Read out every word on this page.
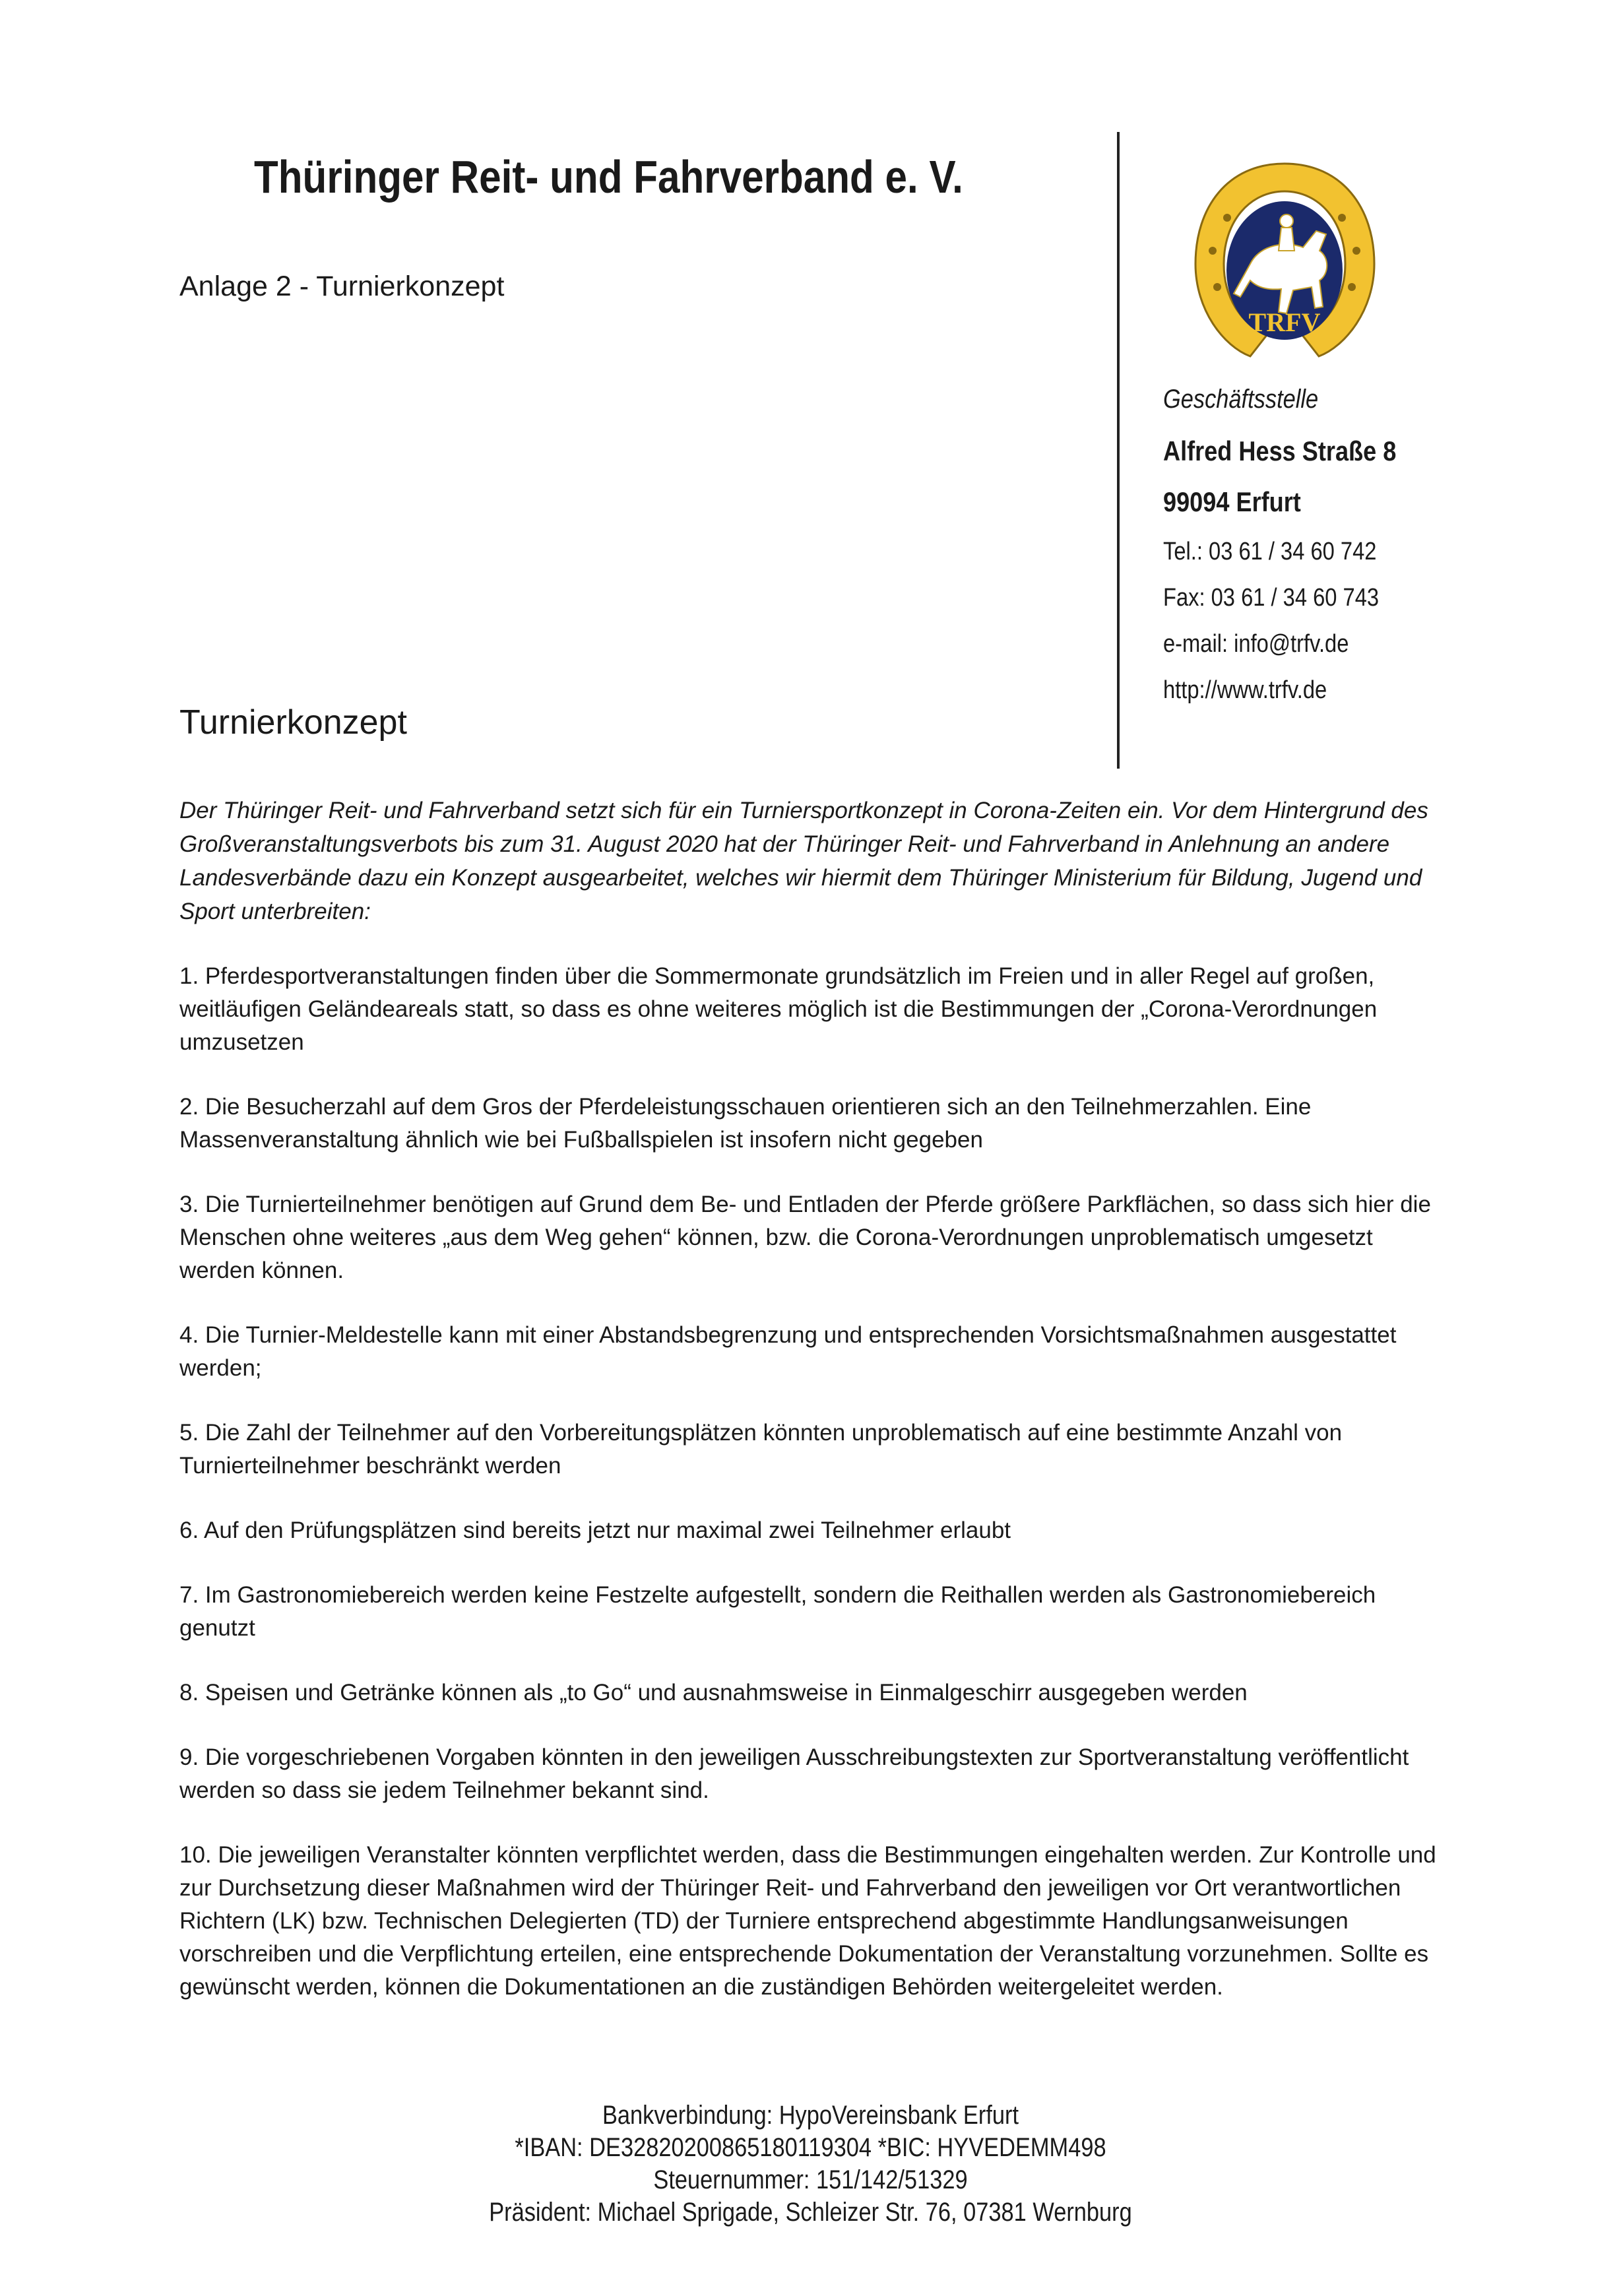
Thüringer Reit- und Fahrverband e. V.
Anlage 2 - Turnierkonzept
Turnierkonzept
TRFV
Geschäftsstelle
Alfred Hess Straße 8
99094 Erfurt
Tel.: 03 61 / 34 60 742
Fax: 03 61 / 34 60 743
e-mail: info@trfv.de
http://www.trfv.de

Der Thüringer Reit- und Fahrverband setzt sich für ein Turniersportkonzept in Corona-Zeiten ein. Vor dem Hintergrund des Großveranstaltungsverbots bis zum 31. August 2020 hat der Thüringer Reit- und Fahrverband in Anlehnung an andere Landesverbände dazu ein Konzept ausgearbeitet, welches wir hiermit dem Thüringer Ministerium für Bildung, Jugend und Sport unterbreiten:

1. Pferdesportveranstaltungen finden über die Sommermonate grundsätzlich im Freien und in aller Regel auf großen, weitläufigen Geländeareals statt, so dass es ohne weiteres möglich ist die Bestimmungen der „Corona-Verordnungen umzusetzen
2. Die Besucherzahl auf dem Gros der Pferdeleistungsschauen orientieren sich an den Teilnehmerzahlen. Eine Massenveranstaltung ähnlich wie bei Fußballspielen ist insofern nicht gegeben
3. Die Turnierteilnehmer benötigen auf Grund dem Be- und Entladen der Pferde größere Parkflächen, so dass sich hier die Menschen ohne weiteres „aus dem Weg gehen“ können, bzw. die Corona-Verordnungen unproblematisch umgesetzt werden können.
4. Die Turnier-Meldestelle kann mit einer Abstandsbegrenzung und entsprechenden Vorsichtsmaßnahmen ausgestattet werden;
5. Die Zahl der Teilnehmer auf den Vorbereitungsplätzen könnten unproblematisch auf eine bestimmte Anzahl von Turnierteilnehmer beschränkt werden
6. Auf den Prüfungsplätzen sind bereits jetzt nur maximal zwei Teilnehmer erlaubt
7. Im Gastronomiebereich werden keine Festzelte aufgestellt, sondern die Reithallen werden als Gastronomiebereich genutzt
8. Speisen und Getränke können als „to Go“ und ausnahmsweise in Einmalgeschirr ausgegeben werden
9. Die vorgeschriebenen Vorgaben könnten in den jeweiligen Ausschreibungstexten zur Sportveranstaltung veröffentlicht werden so dass sie jedem Teilnehmer bekannt sind.
10. Die jeweiligen Veranstalter könnten verpflichtet werden, dass die Bestimmungen eingehalten werden. Zur Kontrolle und zur Durchsetzung dieser Maßnahmen wird der Thüringer Reit- und Fahrverband den jeweiligen vor Ort verantwortlichen Richtern (LK) bzw. Technischen Delegierten (TD) der Turniere entsprechend abgestimmte Handlungsanweisungen vorschreiben und die Verpflichtung erteilen, eine entsprechende Dokumentation der Veranstaltung vorzunehmen. Sollte es gewünscht werden, können die Dokumentationen an die zuständigen Behörden weitergeleitet werden.
Bankverbindung: HypoVereinsbank Erfurt
*IBAN: DE32820200865180119304 *BIC: HYVEDEMM498
Steuernummer: 151/142/51329
Präsident: Michael Sprigade, Schleizer Str. 76, 07381 Wernburg
